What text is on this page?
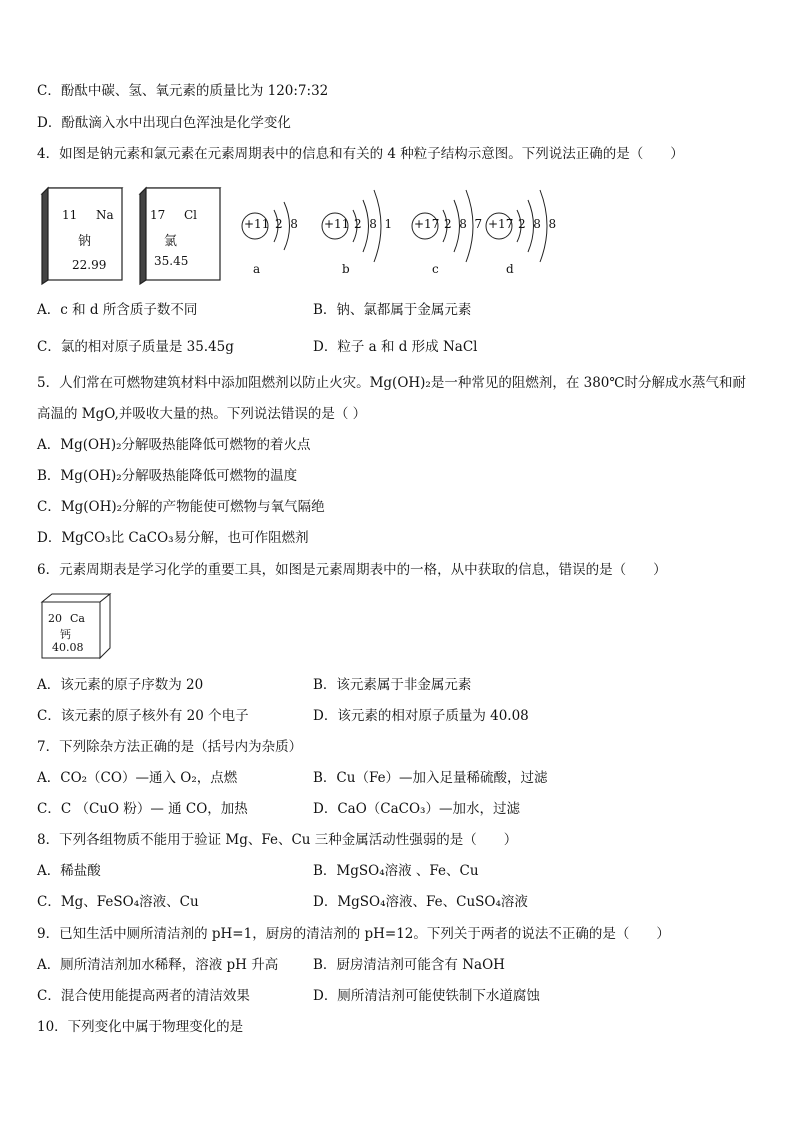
C．酚酞中碳、氢、氧元素的质量比为 120:7:32
D．酚酞滴入水中出现白色浑浊是化学变化
4．如图是钠元素和氯元素在元素周期表中的信息和有关的 4 种粒子结构示意图。下列说法正确的是（　　）
11 Na
钠
22.99
17 Cl
氯
35.45
+11 2  8
a
+11 2  8  1
b
+17 2  8  7
c
+17 2  8  8
d
A．c 和 d 所含质子数不同	B．钠、氯都属于金属元素
C．氯的相对原子质量是 35.45g	D．粒子 a 和 d 形成 NaCl
5．人们常在可燃物建筑材料中添加阻燃剂以防止火灾。Mg(OH)₂是一种常见的阻燃剂，在 380℃时分解成水蒸气和耐
高温的 MgO,并吸收大量的热。下列说法错误的是（ ）
A．Mg(OH)₂分解吸热能降低可燃物的着火点
B．Mg(OH)₂分解吸热能降低可燃物的温度
C．Mg(OH)₂分解的产物能使可燃物与氧气隔绝
D．MgCO₃比 CaCO₃易分解，也可作阻燃剂
6．元素周期表是学习化学的重要工具，如图是元素周期表中的一格，从中获取的信息，错误的是（　　）
20 Ca
钙
40.08
A．该元素的原子序数为 20	B．该元素属于非金属元素
C．该元素的原子核外有 20 个电子	D．该元素的相对原子质量为 40.08
7．下列除杂方法正确的是（括号内为杂质）
A．CO₂（CO）—通入 O₂，点燃	B．Cu（Fe）—加入足量稀硫酸，过滤
C．C （CuO 粉）— 通 CO，加热	D．CaO（CaCO₃）—加水，过滤
8．下列各组物质不能用于验证 Mg、Fe、Cu 三种金属活动性强弱的是（　　）
A．稀盐酸	B．MgSO₄溶液 、Fe、Cu
C．Mg、FeSO₄溶液、Cu	D．MgSO₄溶液、Fe、CuSO₄溶液
9．已知生活中厕所清洁剂的 pH=1，厨房的清洁剂的 pH=12。下列关于两者的说法不正确的是（　　）
A．厕所清洁剂加水稀释，溶液 pH 升高	B．厨房清洁剂可能含有 NaOH
C．混合使用能提高两者的清洁效果	D．厕所清洁剂可能使铁制下水道腐蚀
10．下列变化中属于物理变化的是
